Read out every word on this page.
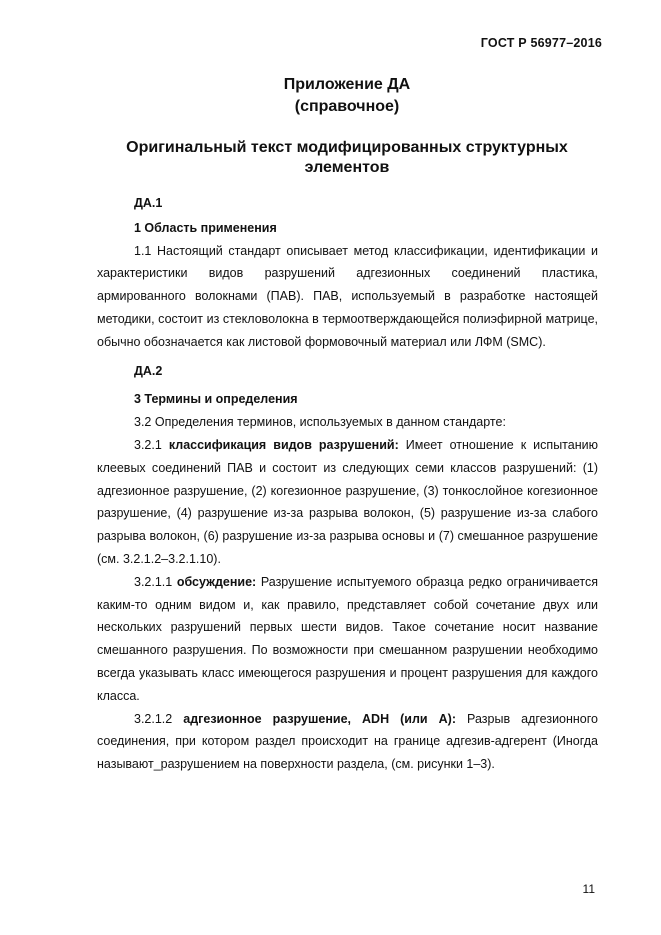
ГОСТ Р 56977–2016
Приложение ДА
(справочное)
Оригинальный текст модифицированных структурных
элементов

ДА.1

1 Область применения

1.1 Настоящий стандарт описывает метод классификации, идентификации и характеристики видов разрушений адгезионных соединений пластика, армированного волокнами (ПАВ). ПАВ, используемый в разработке настоящей методики, состоит из стекловолокна в термоотверждающейся полиэфирной матрице, обычно обозначается как листовой формовочный материал или ЛФМ (SMC).

ДА.2

3 Термины и определения

3.2 Определения терминов, используемых в данном стандарте:

3.2.1 классификация видов разрушений: Имеет отношение к испытанию клеевых соединений ПАВ и состоит из следующих семи классов разрушений: (1) адгезионное разрушение, (2) когезионное разрушение, (3) тонкослойное когезионное разрушение, (4) разрушение из-за разрыва волокон, (5) разрушение из-за слабого разрыва волокон, (6) разрушение из-за разрыва основы и (7) смешанное разрушение (см. 3.2.1.2–3.2.1.10).

3.2.1.1 обсуждение: Разрушение испытуемого образца редко ограничивается каким-то одним видом и, как правило, представляет собой сочетание двух или нескольких разрушений первых шести видов. Такое сочетание носит название смешанного разрушения. По возможности при смешанном разрушении необходимо всегда указывать класс имеющегося разрушения и процент разрушения для каждого класса.

3.2.1.2 адгезионное разрушение, ADH (или A): Разрыв адгезионного соединения, при котором раздел происходит на границе адгезив-адгерент (Иногда называют_разрушением на поверхности раздела, (см. рисунки 1–3).

11
